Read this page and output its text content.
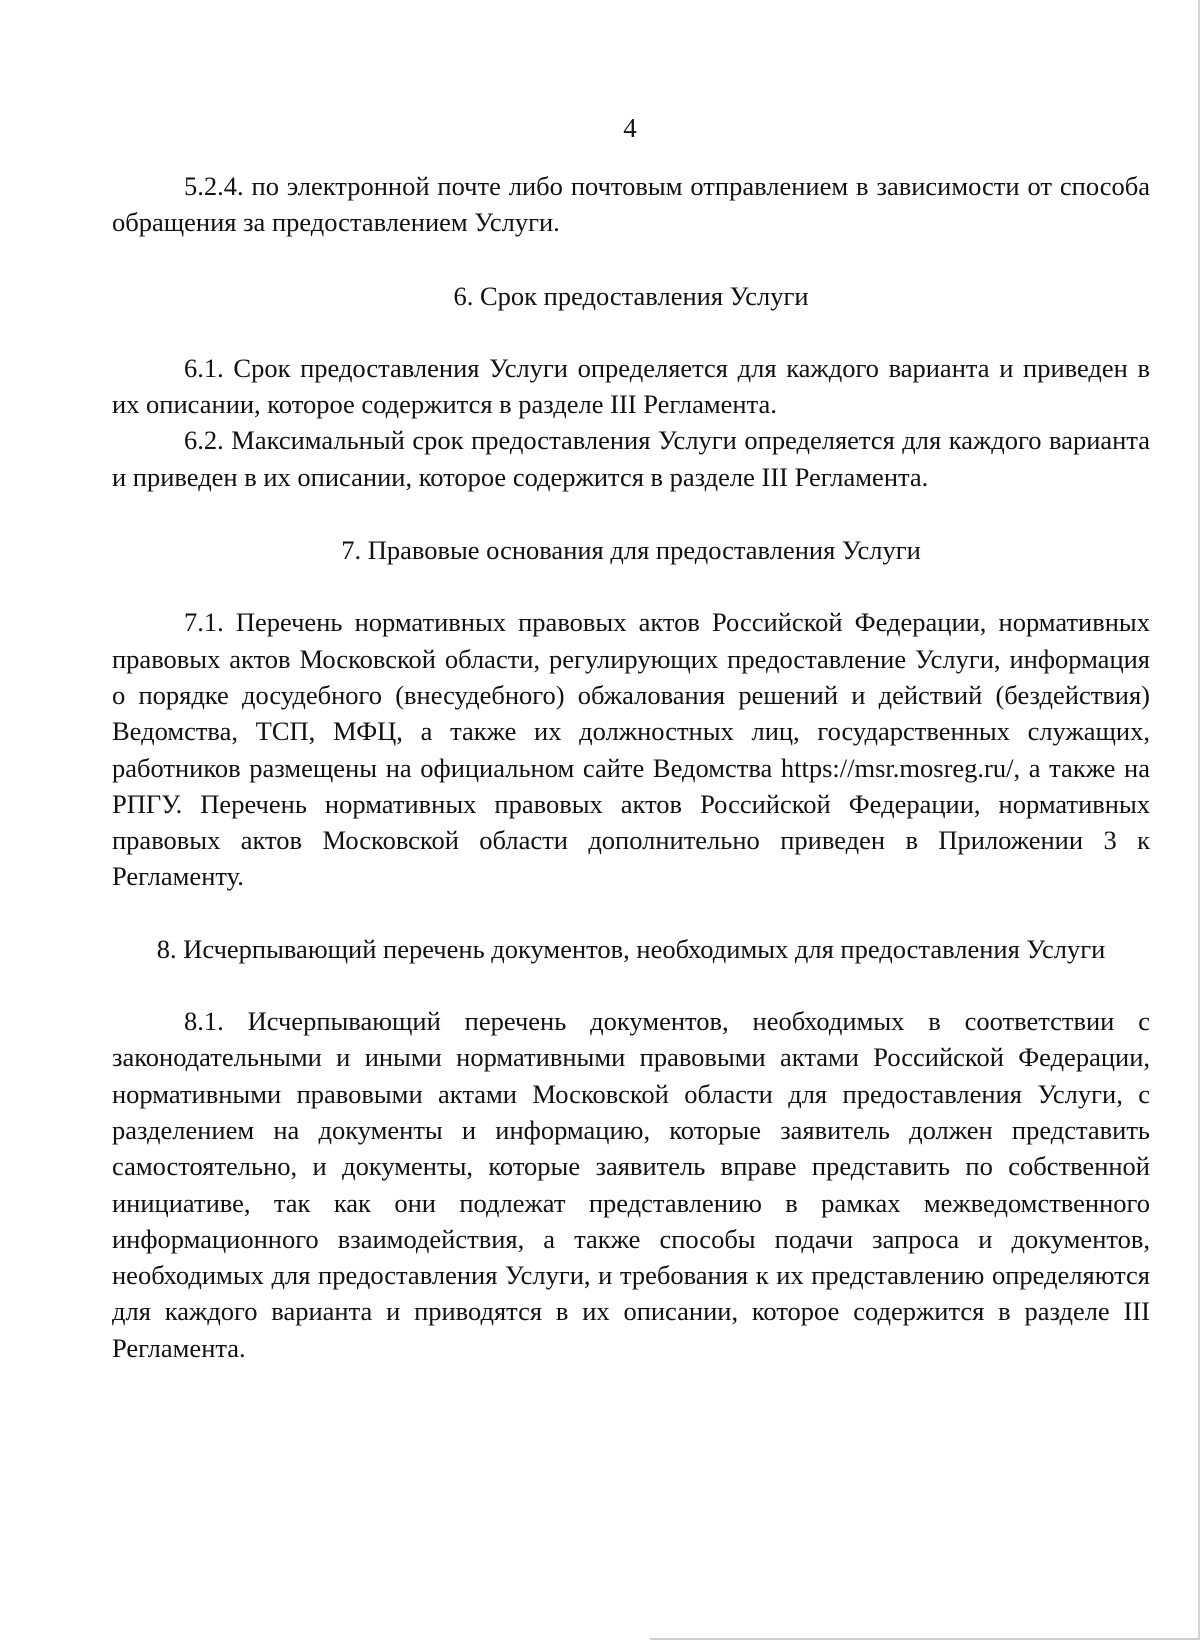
4

5.2.4. по электронной почте либо почтовым отправлением в зависимости от способа обращения за предоставлением Услуги.

6. Срок предоставления Услуги

6.1. Срок предоставления Услуги определяется для каждого варианта и приведен в их описании, которое содержится в разделе III Регламента.

6.2. Максимальный срок предоставления Услуги определяется для каждого варианта и приведен в их описании, которое содержится в разделе III Регламента.

7. Правовые основания для предоставления Услуги

7.1. Перечень нормативных правовых актов Российской Федерации, нормативных правовых актов Московской области, регулирующих предоставление Услуги, информация о порядке досудебного (внесудебного) обжалования решений и действий (бездействия) Ведомства, ТСП, МФЦ, а также их должностных лиц, государственных служащих, работников размещены на официальном сайте Ведомства https://msr.mosreg.ru/, а также на РПГУ. Перечень нормативных правовых актов Российской Федерации, нормативных правовых актов Московской области дополнительно приведен в Приложении 3 к Регламенту.

8. Исчерпывающий перечень документов, необходимых для предоставления Услуги

8.1. Исчерпывающий перечень документов, необходимых в соответствии с законодательными и иными нормативными правовыми актами Российской Федерации, нормативными правовыми актами Московской области для предоставления Услуги, с разделением на документы и информацию, которые заявитель должен представить самостоятельно, и документы, которые заявитель вправе представить по собственной инициативе, так как они подлежат представлению в рамках межведомственного информационного взаимодействия, а также способы подачи запроса и документов, необходимых для предоставления Услуги, и требования к их представлению определяются для каждого варианта и приводятся в их описании, которое содержится в разделе III Регламента.
